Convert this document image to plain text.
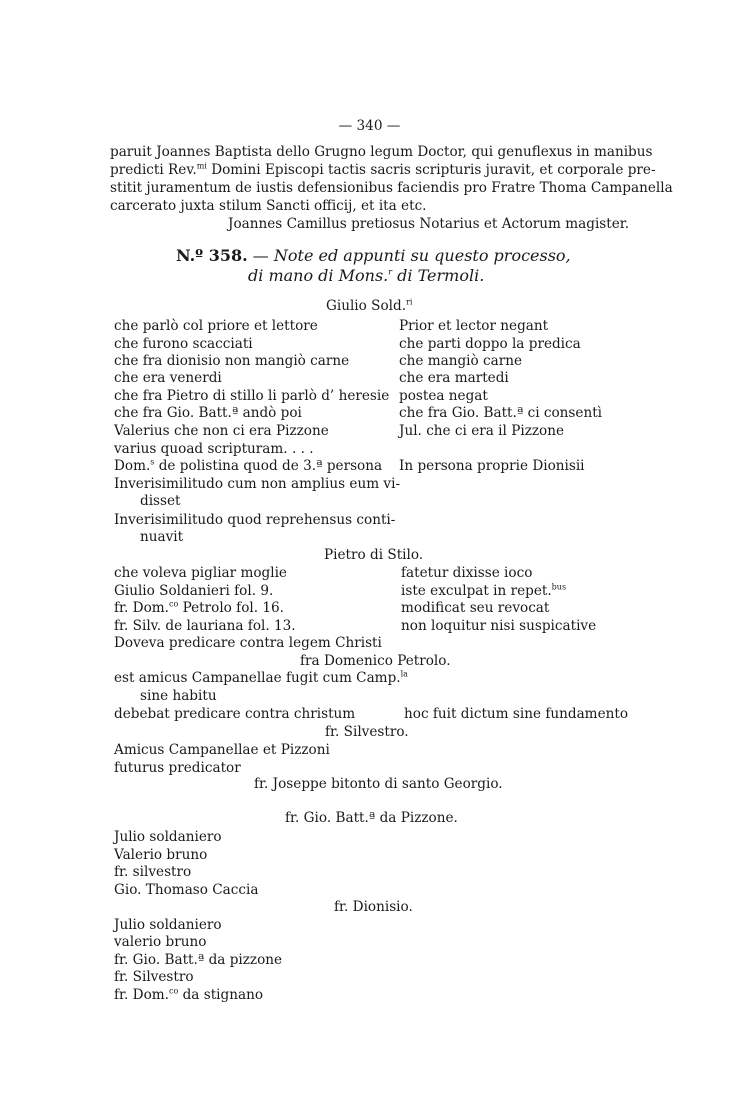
— 340 —
paruit Joannes Baptista dello Grugno legum Doctor, qui genuflexus in manibus
predicti Rev.$^{mi}$ Domini Episcopi tactis sacris scripturis juravit, et corporale pre-
stitit juramentum de iustis defensionibus faciendis pro Fratre Thoma Campanella
carcerato juxta stilum Sancti officij, et ita etc.
Joannes Camillus pretiosus Notarius et Actorum magister.
N.º 358. — Note ed appunti su questo processo,
di mano di Mons.$^r$ di Termoli.
Giulio Sold.$^{ri}$
che parlò col priore et lettore
che furono scacciati
che fra dionisio non mangiò carne
che era venerdi
che fra Pietro di stillo li parlò d’ heresie
che fra Gio. Batt.ª andò poi
Valerius che non ci era Pizzone
varius quoad scripturam. . . .
Dom.$^s$ de polistina quod de 3.ª persona
Inverisimilitudo cum non amplius eum vi-
disset
Inverisimilitudo quod reprehensus conti-
nuavit
Prior et lector negant
che parti doppo la predica
che mangiò carne
che era martedi
postea negat
che fra Gio. Batt.ª ci consentì
Jul. che ci era il Pizzone
In persona proprie Dionisii
Pietro di Stilo.
che voleva pigliar moglie
Giulio Soldanieri fol. 9.
fr. Dom.$^{co}$ Petrolo fol. 16.
fr. Silv. de lauriana fol. 13.
Doveva predicare contra legem Christi
fatetur dixisse ioco
iste exculpat in repet.$^{bus}$
modificat seu revocat
non loquitur nisi suspicative
fra Domenico Petrolo.
est amicus Campanellae fugit cum Camp.$^{la}$
sine habitu
debebat predicare contra christum	hoc fuit dictum sine fundamento
fr. Silvestro.
Amicus Campanellae et Pizzoni
futurus predicator
fr. Joseppe bitonto di santo Georgio.
fr. Gio. Batt.ª da Pizzone.
Julio soldaniero
Valerio bruno
fr. silvestro
Gio. Thomaso Caccia
fr. Dionisio.
Julio soldaniero
valerio bruno
fr. Gio. Batt.ª da pizzone
fr. Silvestro
fr. Dom.$^{co}$ da stignano
